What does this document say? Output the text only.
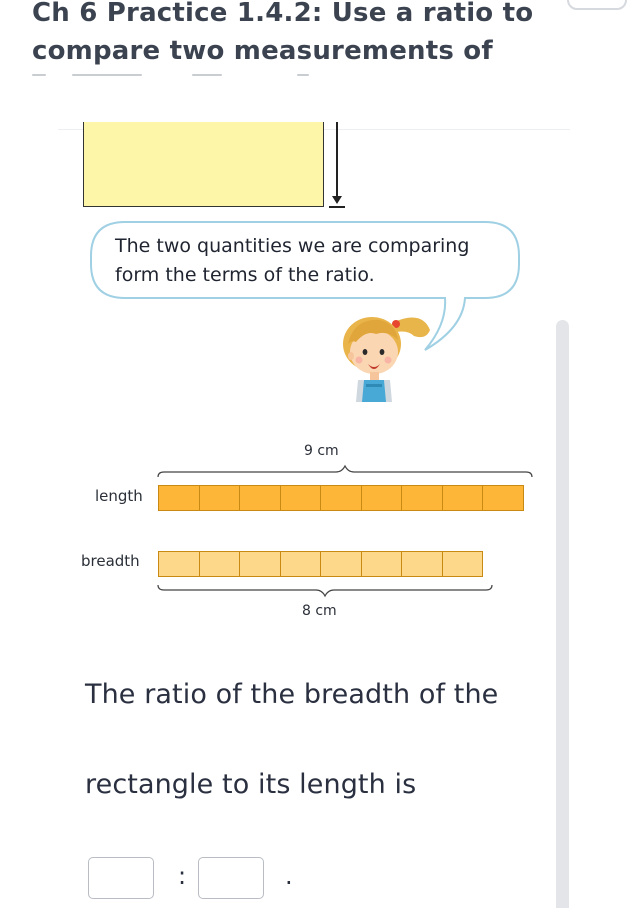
Ch 6 Practice 1.4.2: Use a ratio to compare two measurements of
The two quantities we are comparing form the terms of the ratio.
9 cm
length
breadth
8 cm
The ratio of the breadth of the
rectangle to its length is
:	.
